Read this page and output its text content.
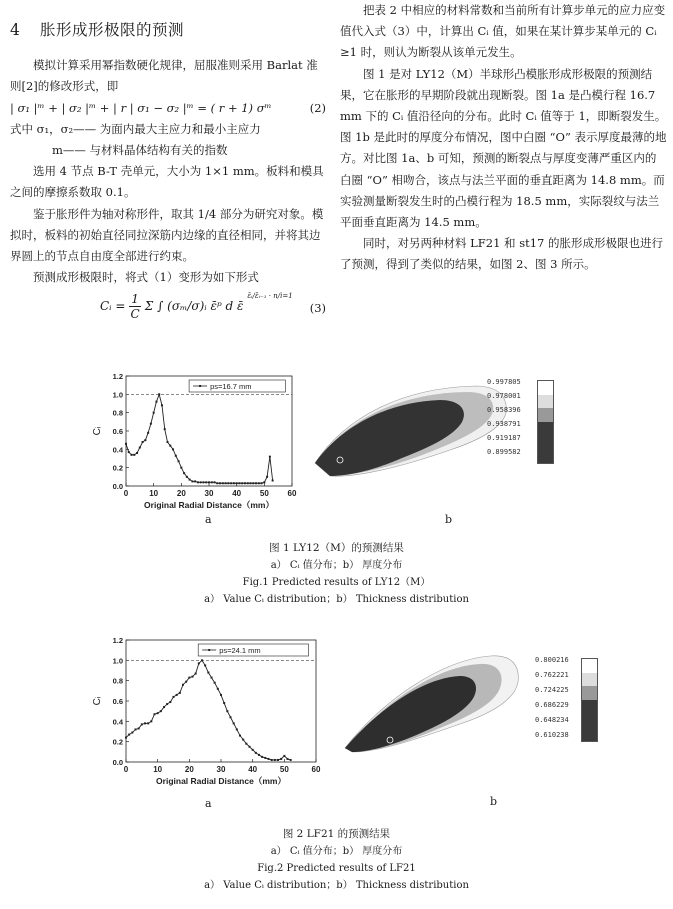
4 胀形成形极限的预测

模拟计算采用幂指数硬化规律，屈服准则采用 Barlat 准则[2]的修改形式，即

| σ₁ |ᵐ + | σ₂ |ᵐ + | r | σ₁ − σ₂ |ᵐ = ( r + 1) σᵐ	(2)

式中 σ₁，σ₂—— 为面内最大主应力和最小主应力

m—— 与材料晶体结构有关的指数

选用 4 节点 B-T 壳单元，大小为 1×1 mm。板料和模具之间的摩擦系数取 0.1。

鉴于胀形件为轴对称形件，取其 1/4 部分为研究对象。模拟时，板料的初始直径同拉深筋内边缘的直径相同，并将其边界圆上的节点自由度全部进行约束。

预测成形极限时，将式（1）变形为如下形式

Cᵢ = $\frac{1}{C}$ Σ ∫ (σₘ/σ)ᵢ ε̄ᵖ d ε̄ ε̄ᵢ/ε̄ᵢ₋₁ · n/i=1
(3)

把表 2 中相应的材料常数和当前所有计算步单元的应力应变值代入式（3）中，计算出 Cᵢ 值，如果在某计算步某单元的 Cᵢ ≥1 时，则认为断裂从该单元发生。

图 1 是对 LY12（M）半球形凸模胀形成形极限的预测结果，它在胀形的早期阶段就出现断裂。图 1a 是凸模行程 16.7 mm 下的 Cᵢ 值沿径向的分布。此时 Cᵢ 值等于 1，即断裂发生。图 1b 是此时的厚度分布情况，图中白圈 “O” 表示厚度最薄的地方。对比图 1a、b 可知，预测的断裂点与厚度变薄严重区内的白圈 “O” 相吻合，该点与法兰平面的垂直距离为 14.8 mm。而实验测量断裂发生时的凸模行程为 18.5 mm，实际裂纹与法兰平面垂直距离为 14.5 mm。

同时，对另两种材料 LF21 和 st17 的胀形成形极限也进行了预测，得到了类似的结果，如图 2、图 3 所示。

0	10 20 30 40 50 60
0.0
0.2
0.4
0.6
0.8
1.0
1.2
ps=16.7 mm
Original Radial Distance（mm）
Cᵢ
a
0.997805
0.978001
0.958396
0.938791
0.919187
0.899582
b
图 1 LY12（M）的预测结果
a） Cᵢ 值分布；b） 厚度分布
Fig.1 Predicted results of LY12（M）
a） Value Cᵢ distribution；b） Thickness distribution
0	10	20	30	40	50	60
0.0
0.2
0.4
0.6
0.8
1.0
1.2
ps=24.1 mm
Original Radial Distance（mm）
Cᵢ
a
0.800216
0.762221
0.724225
0.686229
0.648234
0.610238
b
图 2 LF21 的预测结果
a） Cᵢ 值分布；b） 厚度分布
Fig.2 Predicted results of LF21
a） Value Cᵢ distribution；b） Thickness distribution
